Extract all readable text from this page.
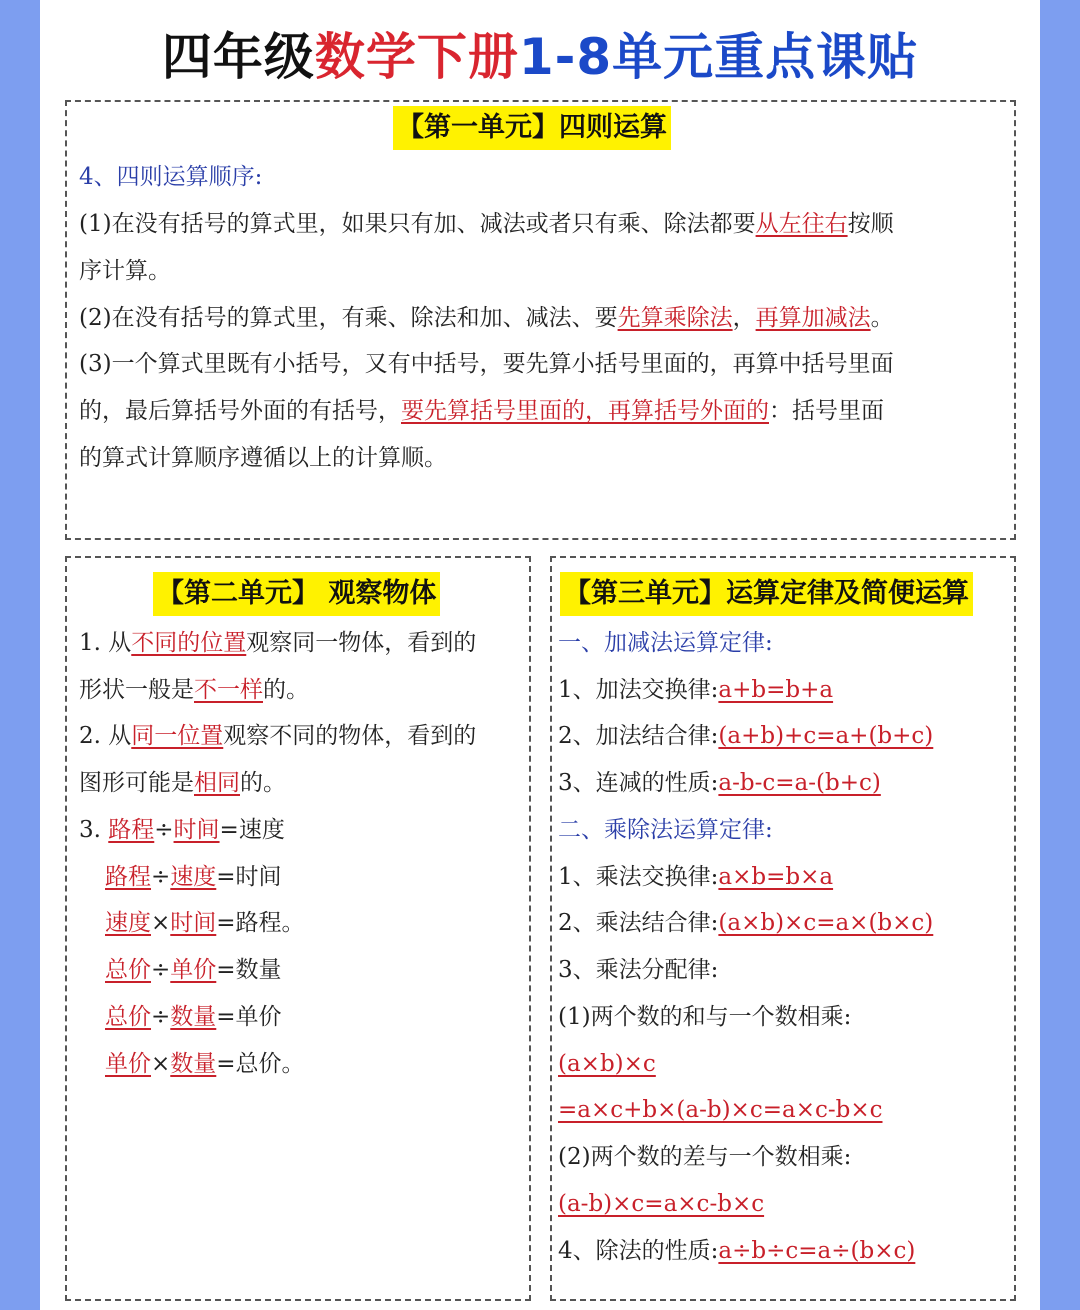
四年级数学下册1-8单元重点课贴
【第一单元】四则运算
4、四则运算顺序:
(1)在没有括号的算式里，如果只有加、减法或者只有乘、除法都要从左往右按顺
序计算。
(2)在没有括号的算式里，有乘、除法和加、减法、要先算乘除法，再算加减法。
(3)一个算式里既有小括号，又有中括号，要先算小括号里面的，再算中括号里面
的，最后算括号外面的有括号，要先算括号里面的，再算括号外面的：括号里面
的算式计算顺序遵循以上的计算顺。
【第二单元】 观察物体
1. 从不同的位置观察同一物体，看到的
形状一般是不一样的。
2. 从同一位置观察不同的物体，看到的
图形可能是相同的。
3. 路程÷时间=速度
路程÷速度=时间
速度×时间=路程。
总价÷单价=数量
总价÷数量=单价
单价×数量=总价。
【第三单元】运算定律及简便运算
一、加减法运算定律:
1、加法交换律:a+b=b+a
2、加法结合律:(a+b)+c=a+(b+c)
3、连减的性质:a-b-c=a-(b+c)
二、乘除法运算定律:
1、乘法交换律:a×b=b×a
2、乘法结合律:(a×b)×c=a×(b×c)
3、乘法分配律:
(1)两个数的和与一个数相乘:
(a×b)×c
=a×c+b×(a-b)×c=a×c-b×c
(2)两个数的差与一个数相乘:
(a-b)×c=a×c-b×c
4、除法的性质:a÷b÷c=a÷(b×c)
